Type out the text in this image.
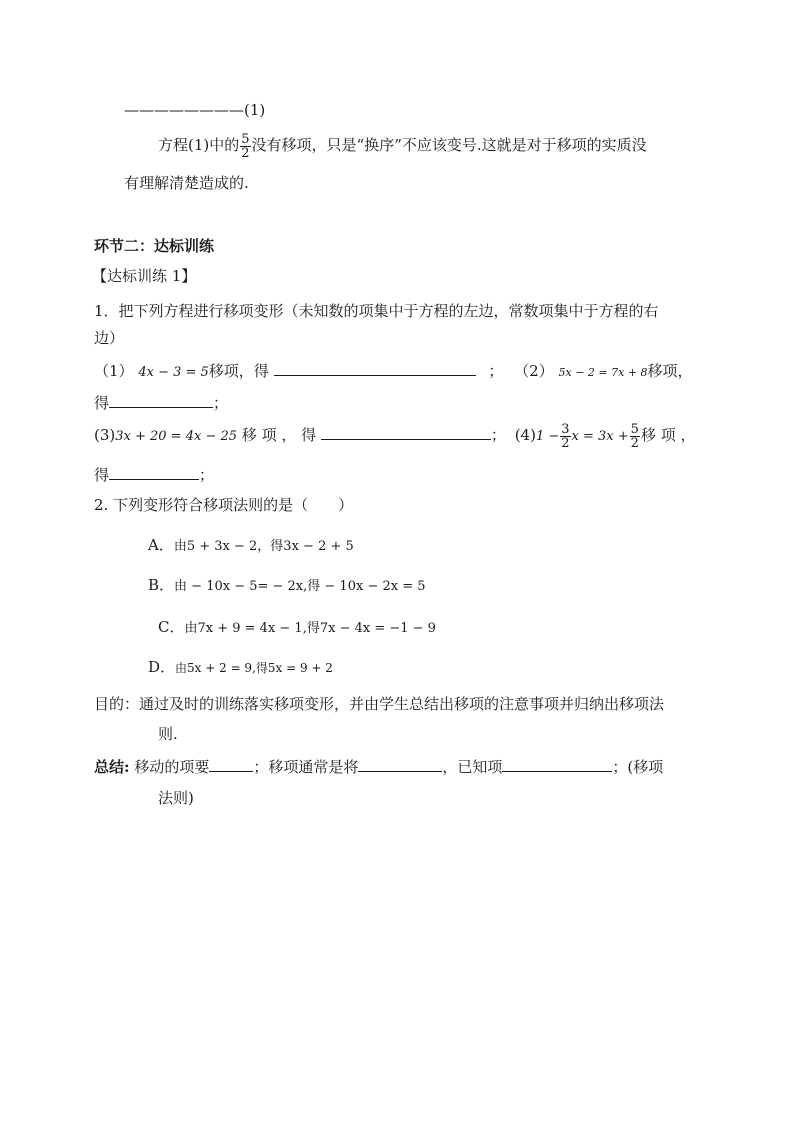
————————(1)
方程(1)中的 $\frac{5}{2}$ 没有移项，只是“换序”不应该变号.这就是对于移项的实质没
有理解清楚造成的.
环节二：达标训练
【达标训练 1】
1．把下列方程进行移项变形（未知数的项集中于方程的左边，常数项集中于方程的右
边）
（1） 4x − 3 = 5移项，得	； （2） 5x − 2 = 7x + 8移项，
得	；
(3)3x + 20 = 4x − 25 移 项 ， 得	； $(4)1 - \frac{3}{2}$ $x = 3x + \frac{5}{2}$ 移 项 ，
得	；
2. 下列变形符合移项法则的是（　　）
A．由5 + 3x − 2，得3x − 2 + 5
B．由 − 10x − 5= − 2x,得 − 10x − 2x = 5
C．由7x + 9 = 4x − 1,得7x − 4x = −1 − 9
D．由5x + 2 = 9,得5x = 9 + 2
目的：通过及时的训练落实移项变形，并由学生总结出移项的注意事项并归纳出移项法
则.
总结: 移动的项要	；移项通常是将	，已知项	；(移项
法则)
